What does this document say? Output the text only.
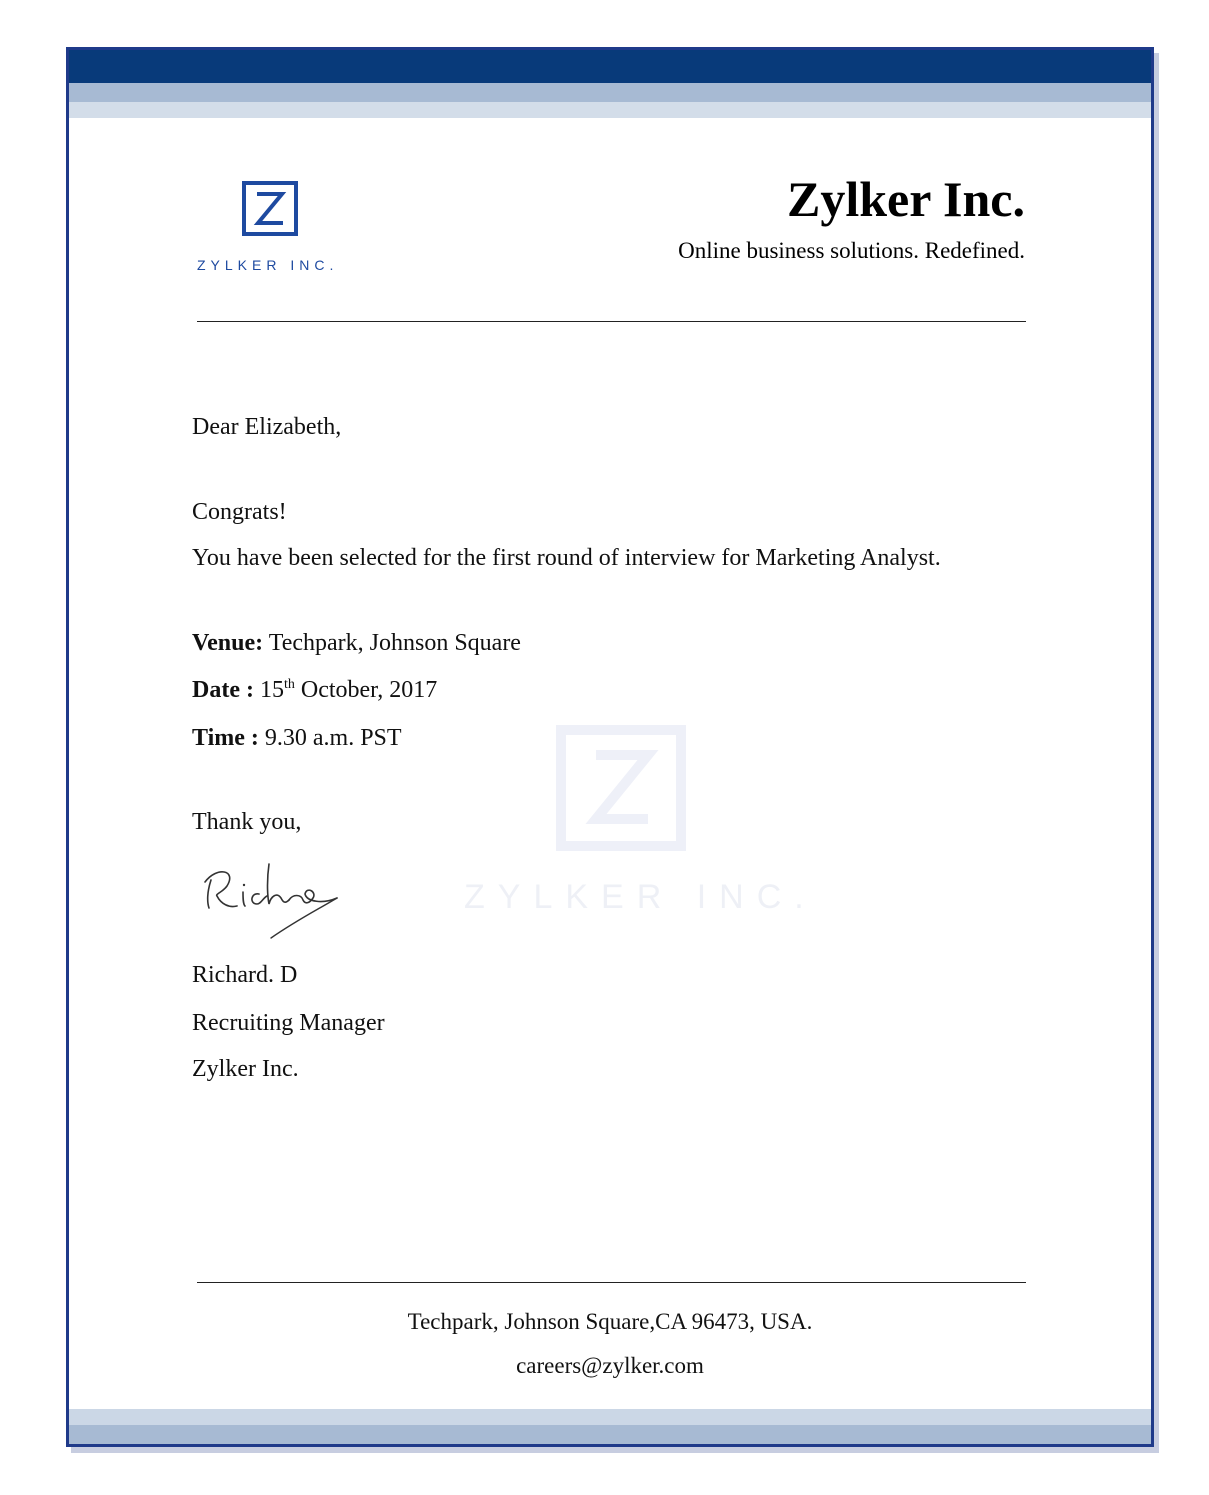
ZYLKER INC.
Zylker Inc.
Online business solutions. Redefined.
ZYLKER INC.
Dear Elizabeth,
Congrats!
You have been selected for the first round of interview for Marketing Analyst.
Venue: Techpark, Johnson Square
Date : 15th October, 2017
Time : 9.30 a.m. PST
Thank you,
Richard. D
Recruiting Manager
Zylker Inc.
Techpark, Johnson Square,CA 96473, USA.
careers@zylker.com
